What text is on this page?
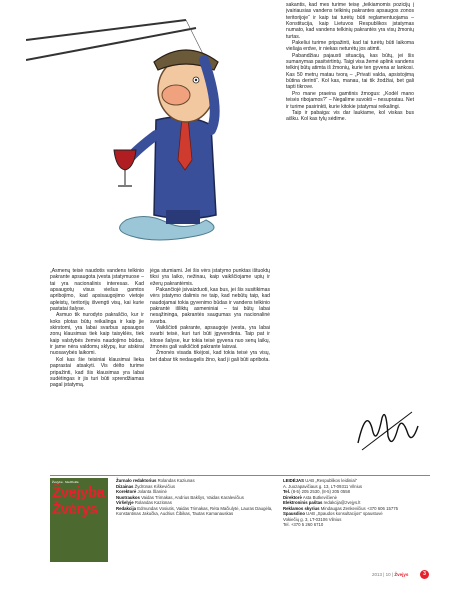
„Asmenų teisė naudotis vandens telkinio pakrante apsaugota įvesta įstatymuose – tai yra nacionalinis interesas. Kad apsaugotų visus viešus gamtos apribojimo, kad apsisaugojimo vietoje apleistų, teritorijų išvengti visų, kai kurie pastatai šalyse.

Asmuo tik nurodyto pakraščio, kur ir koks plotas būtų reikalinga ir kaip jie skirstomi, yra labai svarbus apsaugos zonų klausimas tiek kaip taisyklės, tiek kaip valstybės žemės naudojimo būdas, ir jame nėra valdomų sklypų, kur atskirai nuosavybės laikomi.

Kol kas šie teisiniai klausimai lieka paprastai atsakyti. Vis dėlto turime pripažinti, kad šis klausimas yra labai sudėtingas ir jis turi būti sprendžiamas pagal įstatymą.

jėga stumiami. Jei šis vėrs įstatymo punktas ištuoktų tiksi yra laiko, nežinau, kaip vaikščiojame upių ir ežerų pakrantėmis.

Pakančiojė įsivaizduoti, kas bus, jei šis susitikimas vėrs įstatymo dalimis ne taip, kad nebūtų taip, kad naudojamai tokia gyvenimo būdas ir vandens telkinio pakrantė išliktų asmeniniai – tai būtų labai nesąžininga, pakrantės saugumas yra nacionalinė svarba.

Vaikščioti pakrante, apsaugoje įvesta, yra labai svarbi teisė, kuri turi būti įgyvendinta. Taip pat ir kitose šalyse, kur tokia teisė gyvena nuo senų laikų, žmonės gali vaikščioti pakrante laisvai.

Žmonės visada tikėjosi, kad tokia teisė yra visų, bet dabar tik nedaugelis žino, kad ji gali būti apribota.

sakantis, kad mes turime teisę „teikiamomis pozicijų į įvairiausias vandens telkinių pakrantes apsaugos zonos teritorijoje“ ir kaip tai turėtų būti reglamentuojama – Konstitucija, kaip Lietuvos Respublikos įstatymas numato, kad vandens telkinių pakrantės yra visų žmonių turtas.

Pakeliui turime pripažinti, kad tai turėtų būti laikoma viešąja erdve, ir niekas neturėtų jos atimti.

Pabandžiau pajausti situaciją, kas būtų, jei šis sumanymas pasitvirtintų. Taigi visa žemė aplink vandens telkinį būtų atimta iš žmonių, kurie ten gyvena ar lankosi. Kas 50 metrų matau tvorą – „Privati valda, apsistojimą būtina derinti“. Kol kas, manau, tai tik žodžiai, bet gali tapti tikrove.

Pro mane praeina gamtinis žmogus: „Kodėl mano teisės ribojamos?“ – Negalime suvokti – nesupratau. Net ir turime pasirinkti, kurie kitokie įstatymai reikalingi.

Taip ir pabaiga: vis dar laukiame, kol viskas bus aišku. Kol kas tylų sėdime.

Žvejyba · Medžioklė
Žvejyba Žvėrys
Žurnalo redaktorius Rolandas Kaziunas
Dizainas Žydrūnas Kiškevičius
Korektorė Jolanta Šlaninė
Nuotraukos Vaidas Trimakas, Andrius Bakšys, Vaidas Karalevičius
Viršelyje Rolandas Kaziūnas
Redakcija Edmundas Vosiutis, Vaidas Trimakas, Rėta Mačiulytė, Lauras Daugėla, Konstantinas Jakučka, Audrius Čibikas, Tautas Kamanauskas
LEIDĖJAS UAB „Respublikos leidiniai“
A. Juozapavičiaus g. 13, LT-09311 Vilnius
Tel. (8-5) 205 2530, (8-5) 205 0558
Direktorė Asta Butkevičienė
Elektroninis paštas redakcija@zvejys.lt
Reklamos skyrius Mindaugas Zenkevičius +370 606 15775
Spausdino UAB „Spaudos konsultacijos“ spaustuvė
Vokiečių g. 3, LT-03106 Vilnius
Tel. +370 5 260 6710
2013 | 10 | Žvejys	3
